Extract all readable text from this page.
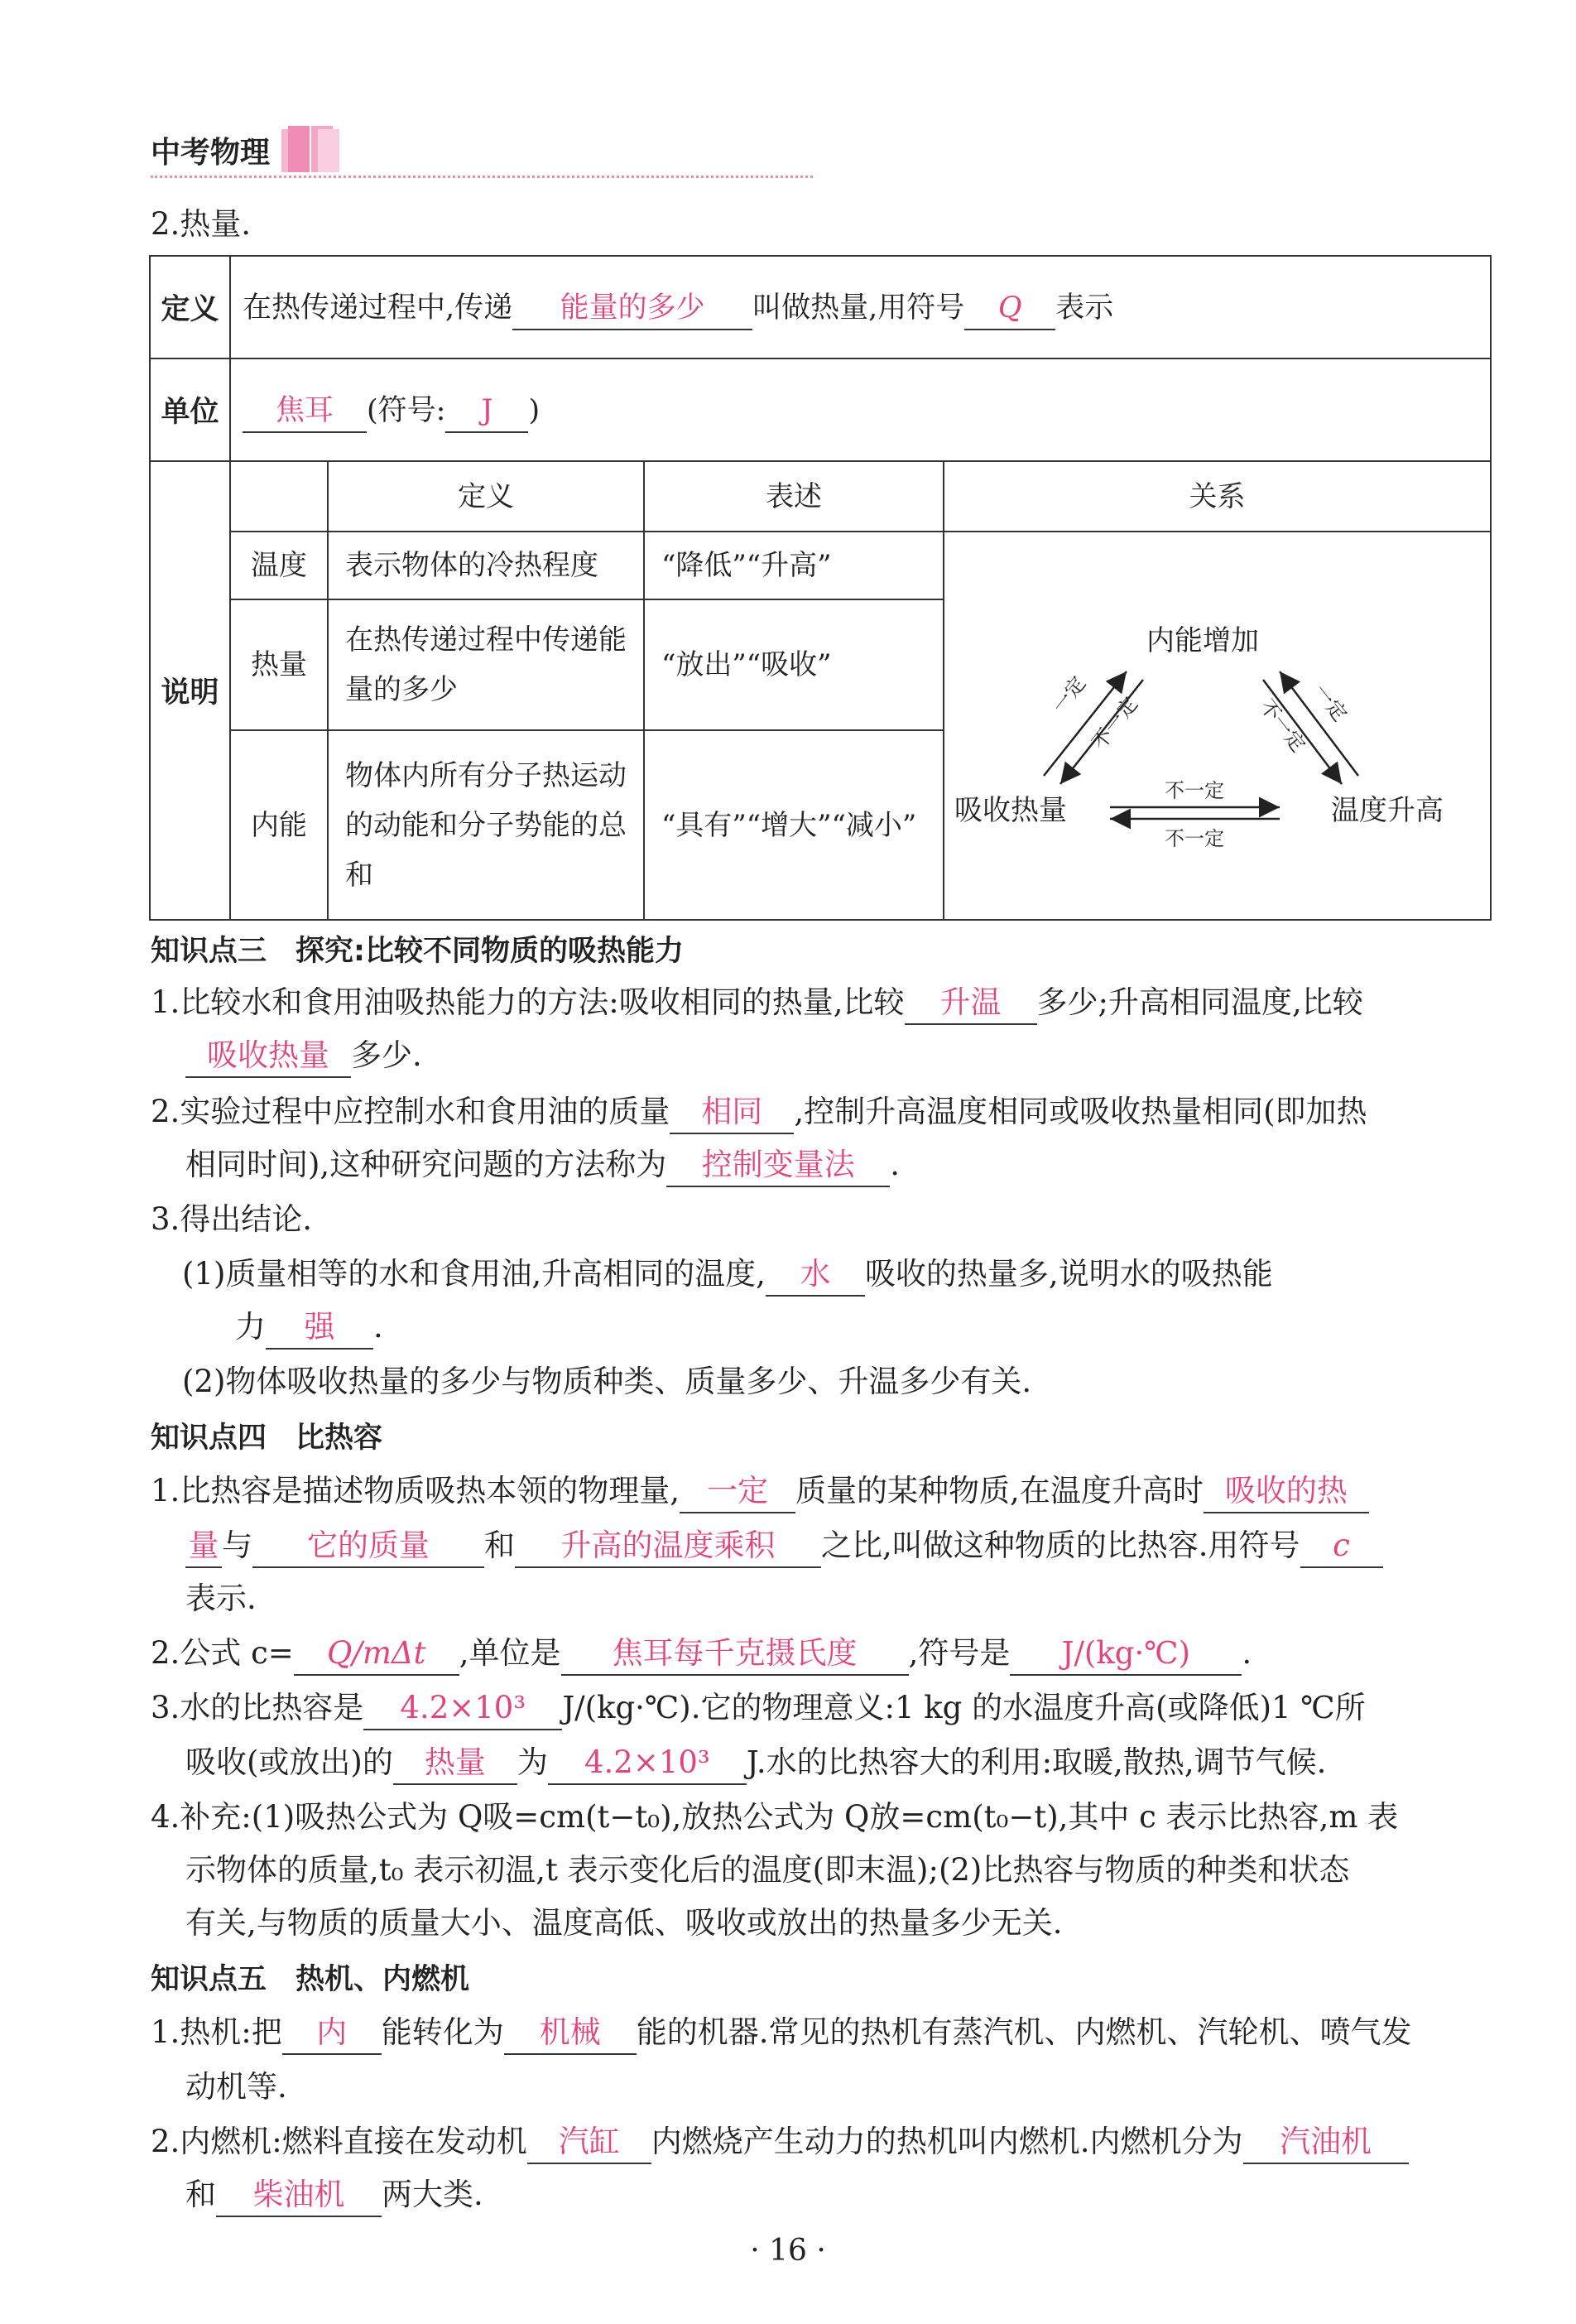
中考物理
2.热量.
定义	在热传递过程中,传递 能量的多少 叫做热量,用符号 Q 表示
单位	焦耳 (符号: J )
说明	
	定义	表述	关系
温度	表示物体的冷热程度	“降低”“升高”	
内能增加
吸收热量	温度升高
一定
不一定	不一定
一定
不一定
不一定

热量	在热传递过程中传递能量的多少	“放出”“吸收”
内能	物体内所有分子热运动的动能和分子势能的总和	“具有”“增大”“减小”
知识点三　探究:比较不同物质的吸热能力
1.比较水和食用油吸热能力的方法:吸收相同的热量,比较 升温 多少;升高相同温度,比较
吸收热量 多少.
2.实验过程中应控制水和食用油的质量 相同 ,控制升高温度相同或吸收热量相同(即加热
相同时间),这种研究问题的方法称为 控制变量法 .
3.得出结论.
(1)质量相等的水和食用油,升高相同的温度, 水 吸收的热量多,说明水的吸热能
力 强 .
(2)物体吸收热量的多少与物质种类、质量多少、升温多少有关.
知识点四　比热容
1.比热容是描述物质吸热本领的物理量, 一定 质量的某种物质,在温度升高时 吸收的热
量与 它的质量 和 升高的温度乘积 之比,叫做这种物质的比热容.用符号 c
表示.
2.公式 c= Q/mΔt ,单位是 焦耳每千克摄氏度 ,符号是 J/(kg·℃) .
3.水的比热容是 4.2×10³ J/(kg·℃).它的物理意义:1 kg 的水温度升高(或降低)1 ℃所
吸收(或放出)的 热量 为 4.2×10³ J.水的比热容大的利用:取暖,散热,调节气候.
4.补充:(1)吸热公式为 Q吸=cm(t−t₀),放热公式为 Q放=cm(t₀−t),其中 c 表示比热容,m 表
示物体的质量,t₀ 表示初温,t 表示变化后的温度(即末温);(2)比热容与物质的种类和状态
有关,与物质的质量大小、温度高低、吸收或放出的热量多少无关.
知识点五　热机、内燃机
1.热机:把 内 能转化为 机械 能的机器.常见的热机有蒸汽机、内燃机、汽轮机、喷气发
动机等.
2.内燃机:燃料直接在发动机 汽缸 内燃烧产生动力的热机叫内燃机.内燃机分为 汽油机
和 柴油机 两大类.
· 16 ·
